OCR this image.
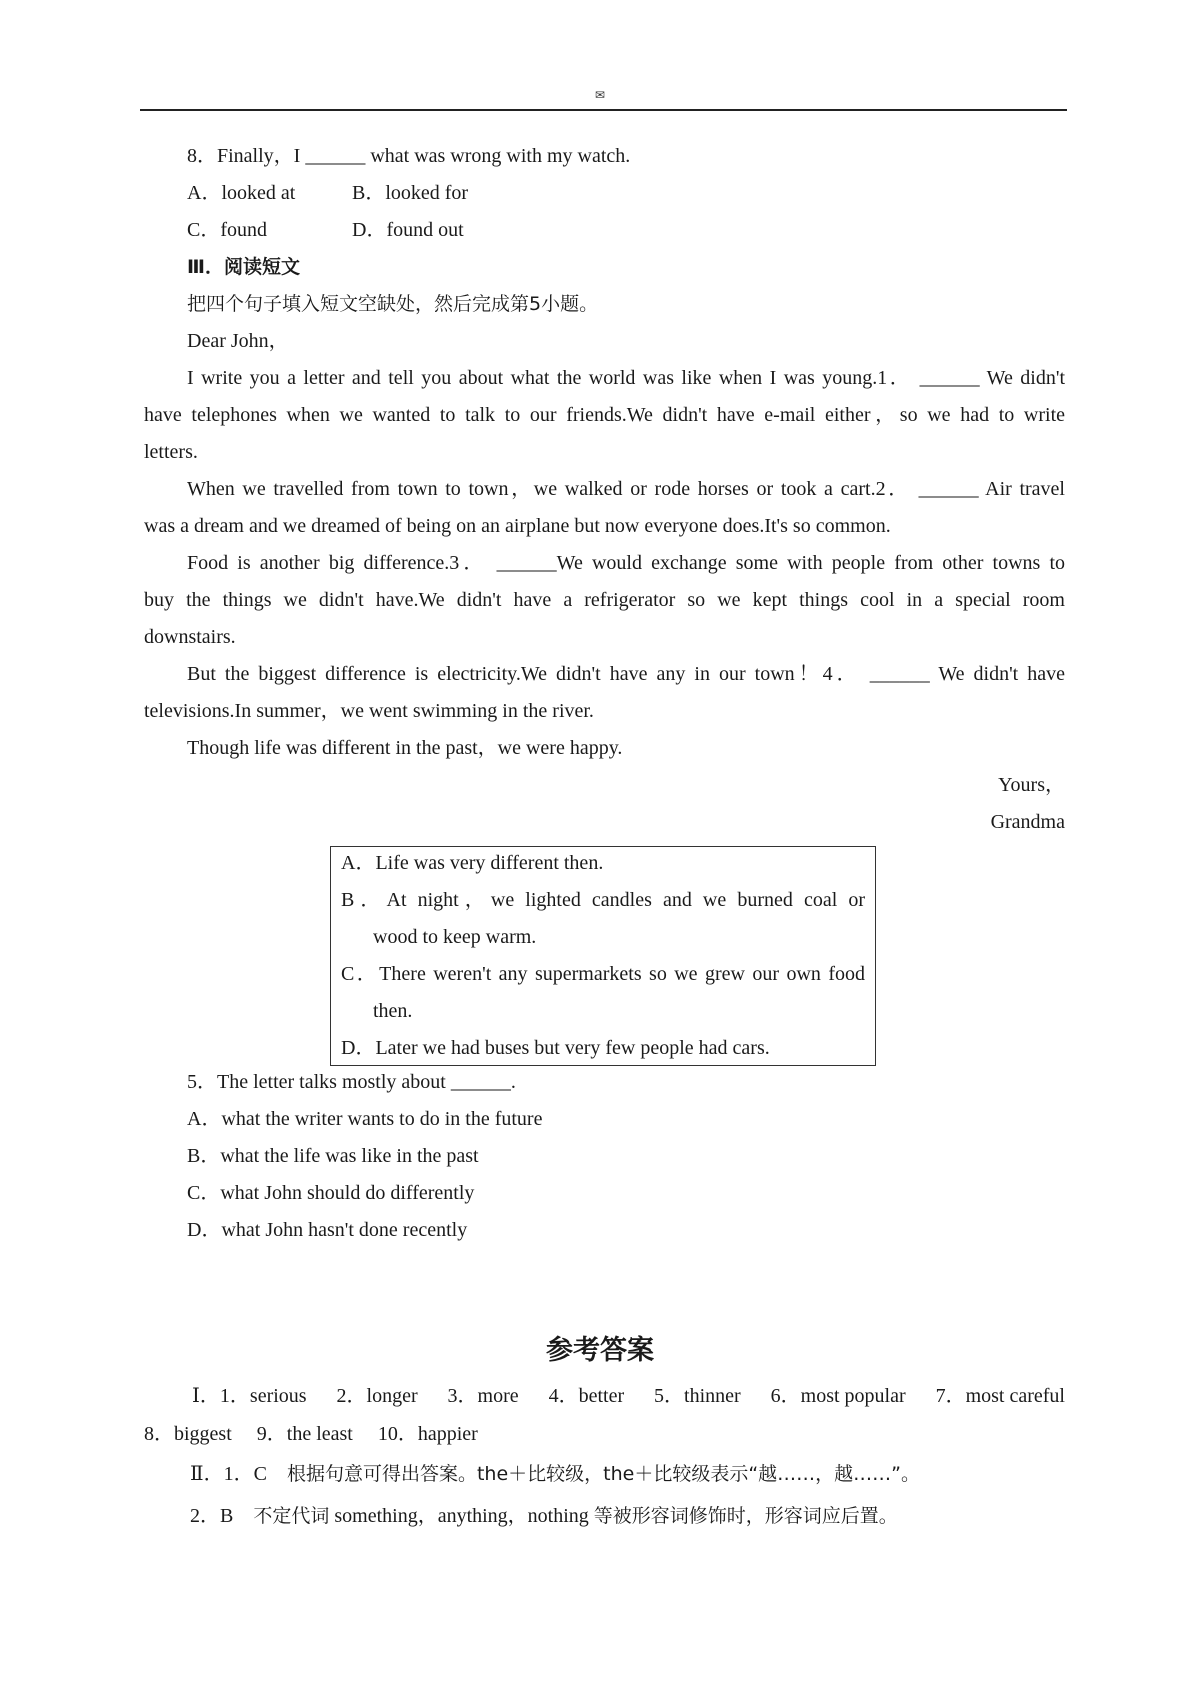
✉
8．Finally，I ______ what was wrong with my watch.
A．looked at	B．looked for
C．found	D．found out
Ⅲ．阅读短文
把四个句子填入短文空缺处，然后完成第5小题。
Dear John，
I write you a letter and tell you about what the world was like when I was young.1． ______ We didn't
have telephones when we wanted to talk to our friends.We didn't have e-mail either，so we had to write
letters.
When we travelled from town to town，we walked or rode horses or took a cart.2． ______ Air travel
was a dream and we dreamed of being on an airplane but now everyone does.It's so common.
Food is another big difference.3． ______We would exchange some with people from other towns to
buy the things we didn't have.We didn't have a refrigerator so we kept things cool in a special room
downstairs.
But the biggest difference is electricity.We didn't have any in our town！4． ______ We didn't have
televisions.In summer，we went swimming in the river.
Though life was different in the past，we were happy.
Yours，
Grandma
A．Life was very different then.
B．At night，we lighted candles and we burned coal or
wood to keep warm.
C．There weren't any supermarkets so we grew our own food
then.
D．Later we had buses but very few people had cars.
5．The letter talks mostly about ______.
A．what the writer wants to do in the future
B．what the life was like in the past
C．what John should do differently
D．what John hasn't done recently
参考答案
Ⅰ．1．serious 2．longer 3．more 4．better 5．thinner 6．most popular 7．most careful
8．biggest 9．the least 10．happier
Ⅱ．1．C 根据句意可得出答案。the＋比较级，the＋比较级表示“越……，越……”。
2．B 不定代词 something，anything，nothing 等被形容词修饰时，形容词应后置。
